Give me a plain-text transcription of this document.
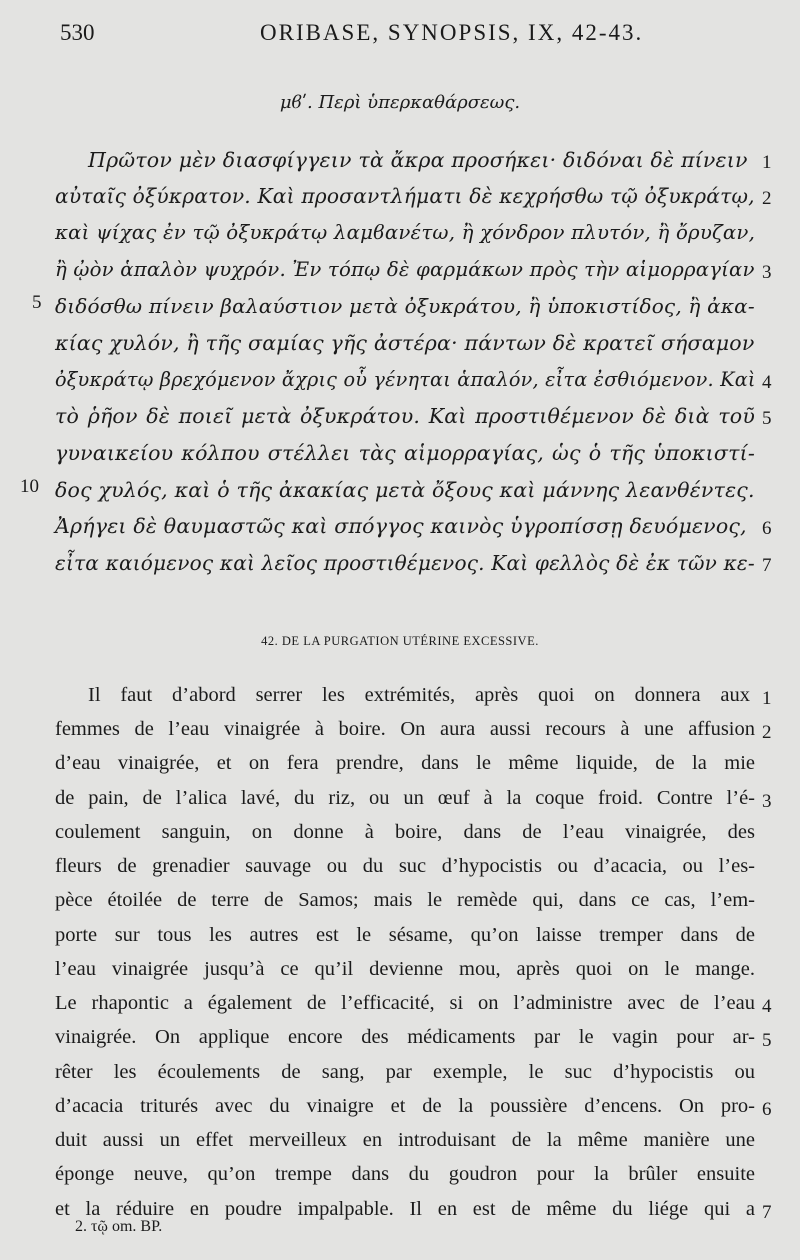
530	ORIBASE, SYNOPSIS, IX, 42-43.
μϐʹ. Περὶ ὑπερκαθάρσεως.
Πρῶτον μὲν διασφίγγειν τὰ ἄκρα προσήκει· διδόναι δὲ πίνειν
αὐταῖς ὀξύκρατον. Καὶ προσαντλήματι δὲ κεχρήσθω τῷ ὀξυκράτῳ,
καὶ ψίχας ἐν τῷ ὀξυκράτῳ λαμϐανέτω, ἢ χόνδρον πλυτόν, ἢ ὄρυζαν,
ἢ ᾠὸν ἁπαλὸν ψυχρόν. Ἐν τόπῳ δὲ φαρμάκων πρὸς τὴν αἱμορραγίαν
διδόσθω πίνειν βαλαύστιον μετὰ ὀξυκράτου, ἢ ὑποκιστίδος, ἢ ἀκα-
κίας χυλόν, ἢ τῆς σαμίας γῆς ἀστέρα· πάντων δὲ κρατεῖ σήσαμον
ὀξυκράτῳ βρεχόμενον ἄχρις οὗ γένηται ἁπαλόν, εἶτα ἐσθιόμενον. Καὶ
τὸ ῥῆον δὲ ποιεῖ μετὰ ὀξυκράτου. Καὶ προστιθέμενον δὲ διὰ τοῦ
γυναικείου κόλπου στέλλει τὰς αἱμορραγίας, ὡς ὁ τῆς ὑποκιστί-
δος χυλός, καὶ ὁ τῆς ἀκακίας μετὰ ὄξους καὶ μάννης λεανθέντες.
Ἀρήγει δὲ θαυμαστῶς καὶ σπόγγος καινὸς ὑγροπίσσῃ δευόμενος,
εἶτα καιόμενος καὶ λεῖος προστιθέμενος. Καὶ φελλὸς δὲ ἐκ τῶν κε-
1
2
3
4
5
6
7
5
10
42. DE LA PURGATION UTÉRINE EXCESSIVE.
Il faut d’abord serrer les extrémités, après quoi on donnera aux
femmes de l’eau vinaigrée à boire. On aura aussi recours à une affusion
d’eau vinaigrée, et on fera prendre, dans le même liquide, de la mie
de pain, de l’alica lavé, du riz, ou un œuf à la coque froid. Contre l’é-
coulement sanguin, on donne à boire, dans de l’eau vinaigrée, des
fleurs de grenadier sauvage ou du suc d’hypocistis ou d’acacia, ou l’es-
pèce étoilée de terre de Samos; mais le remède qui, dans ce cas, l’em-
porte sur tous les autres est le sésame, qu’on laisse tremper dans de
l’eau vinaigrée jusqu’à ce qu’il devienne mou, après quoi on le mange.
Le rhapontic a également de l’efficacité, si on l’administre avec de l’eau
vinaigrée. On applique encore des médicaments par le vagin pour ar-
rêter les écoulements de sang, par exemple, le suc d’hypocistis ou
d’acacia triturés avec du vinaigre et de la poussière d’encens. On pro-
duit aussi un effet merveilleux en introduisant de la même manière une
éponge neuve, qu’on trempe dans du goudron pour la brûler ensuite
et la réduire en poudre impalpable. Il en est de même du liége qui a
1
2
3
4
5
6
7
2. τῷ om. BP.
